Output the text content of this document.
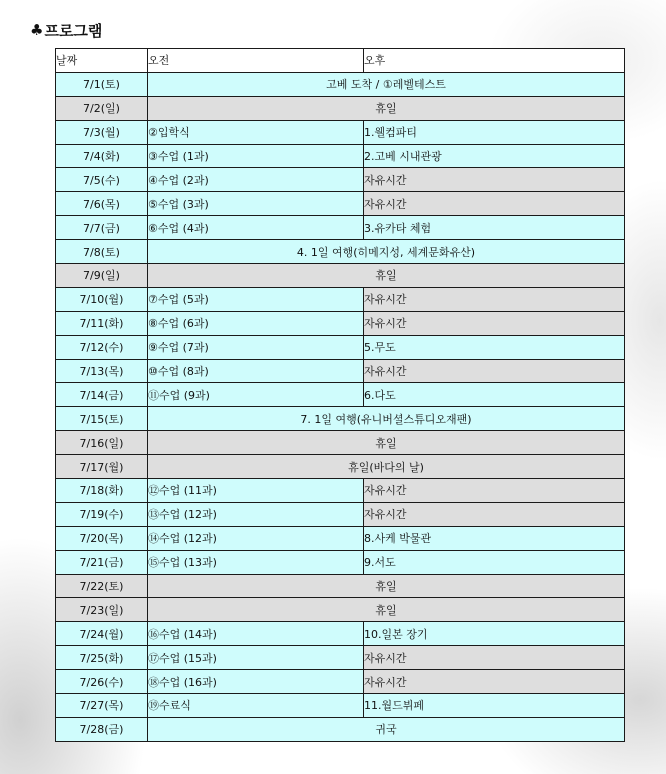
♣ 프로그램
날짜	오전	오후
7/1(토)	고베 도착 / ①레벨테스트	
7/2(일)	휴일	
7/3(월)	②입학식	1.웰컴파티
7/4(화)	③수업 (1과)	2.고베 시내관광
7/5(수)	④수업 (2과)	자유시간
7/6(목)	⑤수업 (3과)	자유시간
7/7(금)	⑥수업 (4과)	3.유카타 체험
7/8(토)	4. 1일 여행(히메지성, 세계문화유산)	
7/9(일)	휴일	
7/10(월)	⑦수업 (5과)	자유시간
7/11(화)	⑧수업 (6과)	자유시간
7/12(수)	⑨수업 (7과)	5.무도
7/13(목)	⑩수업 (8과)	자유시간
7/14(금)	⑪수업 (9과)	6.다도
7/15(토)	7. 1일 여행(유니버셜스튜디오재팬)	
7/16(일)	휴일	
7/17(월)	휴일(바다의 날)	
7/18(화)	⑫수업 (11과)	자유시간
7/19(수)	⑬수업 (12과)	자유시간
7/20(목)	⑭수업 (12과)	8.사케 박물관
7/21(금)	⑮수업 (13과)	9.서도
7/22(토)	휴일	
7/23(일)	휴일	
7/24(월)	⑯수업 (14과)	10.일본 장기
7/25(화)	⑰수업 (15과)	자유시간
7/26(수)	⑱수업 (16과)	자유시간
7/27(목)	⑲수료식	11.월드뷔페
7/28(금)	귀국	
